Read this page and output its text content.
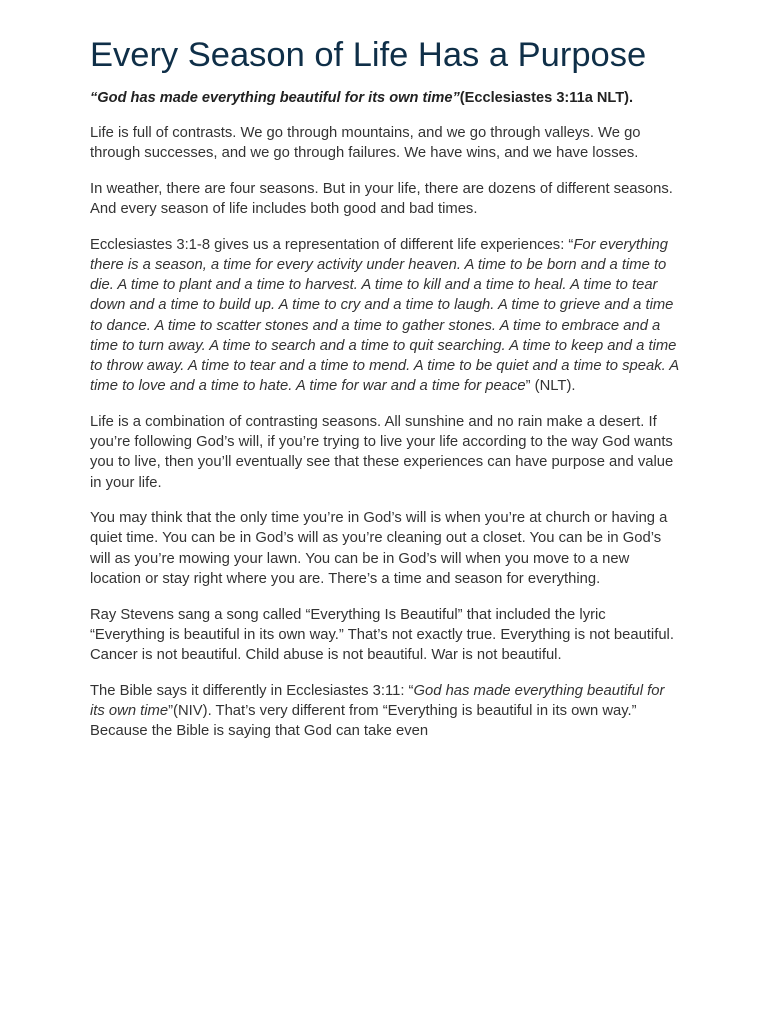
Every Season of Life Has a Purpose

“God has made everything beautiful for its own time”(Ecclesiastes 3:11a NLT).

Life is full of contrasts. We go through mountains, and we go through valleys. We go through successes, and we go through failures. We have wins, and we have losses.

In weather, there are four seasons. But in your life, there are dozens of different seasons. And every season of life includes both good and bad times.

Ecclesiastes 3:1-8 gives us a representation of different life experiences: “For everything there is a season, a time for every activity under heaven. A time to be born and a time to die. A time to plant and a time to harvest. A time to kill and a time to heal. A time to tear down and a time to build up. A time to cry and a time to laugh. A time to grieve and a time to dance. A time to scatter stones and a time to gather stones. A time to embrace and a time to turn away. A time to search and a time to quit searching. A time to keep and a time to throw away. A time to tear and a time to mend. A time to be quiet and a time to speak. A time to love and a time to hate. A time for war and a time for peace” (NLT).

Life is a combination of contrasting seasons. All sunshine and no rain make a desert. If you’re following God’s will, if you’re trying to live your life according to the way God wants you to live, then you’ll eventually see that these experiences can have purpose and value in your life.

You may think that the only time you’re in God’s will is when you’re at church or having a quiet time. You can be in God’s will as you’re cleaning out a closet. You can be in God’s will as you’re mowing your lawn. You can be in God’s will when you move to a new location or stay right where you are. There’s a time and season for everything.

Ray Stevens sang a song called “Everything Is Beautiful” that included the lyric “Everything is beautiful in its own way.” That’s not exactly true. Everything is not beautiful. Cancer is not beautiful. Child abuse is not beautiful. War is not beautiful.

The Bible says it differently in Ecclesiastes 3:11: “God has made everything beautiful for its own time”(NIV). That’s very different from “Everything is beautiful in its own way.” Because the Bible is saying that God can take even
